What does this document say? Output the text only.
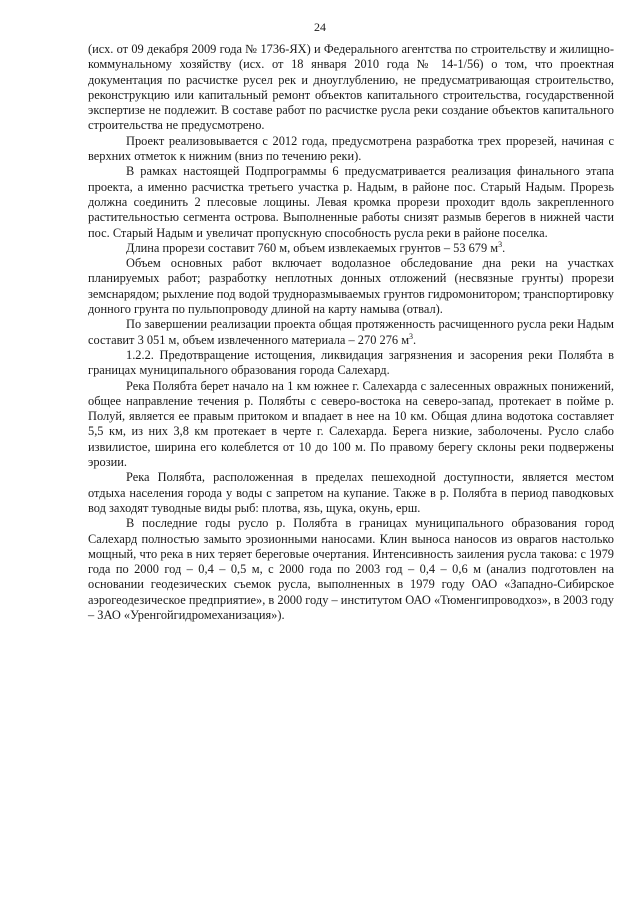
24

(исх. от 09 декабря 2009 года № 1736-ЯХ) и Федерального агентства по строительству и жилищно-коммунальному хозяйству (исх. от 18 января 2010 года № 14-1/56) о том, что проектная документация по расчистке русел рек и дноуглублению, не предусматривающая строительство, реконструкцию или капитальный ремонт объектов капитального строительства, государственной экспертизе не подлежит. В составе работ по расчистке русла реки создание объектов капитального строительства не предусмотрено.

Проект реализовывается с 2012 года, предусмотрена разработка трех прорезей, начиная с верхних отметок к нижним (вниз по течению реки).

В рамках настоящей Подпрограммы 6 предусматривается реализация финального этапа проекта, а именно расчистка третьего участка р. Надым, в районе пос. Старый Надым. Прорезь должна соединить 2 плесовые лощины. Левая кромка прорези проходит вдоль закрепленного растительностью сегмента острова. Выполненные работы снизят размыв берегов в нижней части пос. Старый Надым и увеличат пропускную способность русла реки в районе поселка.

Длина прорези составит 760 м, объем извлекаемых грунтов – 53 679 $м^3$.

Объем основных работ включает водолазное обследование дна реки на участках планируемых работ; разработку неплотных донных отложений (несвязные грунты) прорези земснарядом; рыхление под водой труднoразмываемых грунтов гидромонитором; транспортировку донного грунта по пульпопроводу длиной на карту намыва (отвал).

По завершении реализации проекта общая протяженность расчищенного русла реки Надым составит 3 051 м, объем извлеченного материала – 270 276 $м^3$.

1.2.2. Предотвращение истощения, ликвидация загрязнения и засорения реки Полябта в границах муниципального образования города Салехард.

Река Полябта берет начало на 1 км южнее г. Салехарда с залесенных овражных понижений, общее направление течения р. Полябты с северо-востока на северо-запад, протекает в пойме р. Полуй, является ее правым притоком и впадает в нее на 10 км. Общая длина водотока составляет 5,5 км, из них 3,8 км протекает в черте г. Салехарда. Берега низкие, заболочены. Русло слабо извилистое, ширина его колеблется от 10 до 100 м. По правому берегу склоны реки подвержены эрозии.

Река Полябта, расположенная в пределах пешеходной доступности, является местом отдыха населения города у воды с запретом на купание. Также в р. Полябта в период паводковых вод заходят туводные виды рыб: плотва, язь, щука, окунь, ерш.

В последние годы русло р. Полябта в границах муниципального образования город Салехард полностью замыто эрозионными наносами. Клин выноса наносов из оврагов настолько мощный, что река в них теряет береговые очертания. Интенсивность заиления русла такова: с 1979 года по 2000 год – 0,4 – 0,5 м, с 2000 года по 2003 год – 0,4 – 0,6 м (анализ подготовлен на основании геодезических съемок русла, выполненных в 1979 году ОАО «Западно-Сибирское аэрогеодезическое предприятие», в 2000 году – институтом ОАО «Тюменгипроводхоз», в 2003 году – ЗАО «Уренгойгидромеханизация»).
